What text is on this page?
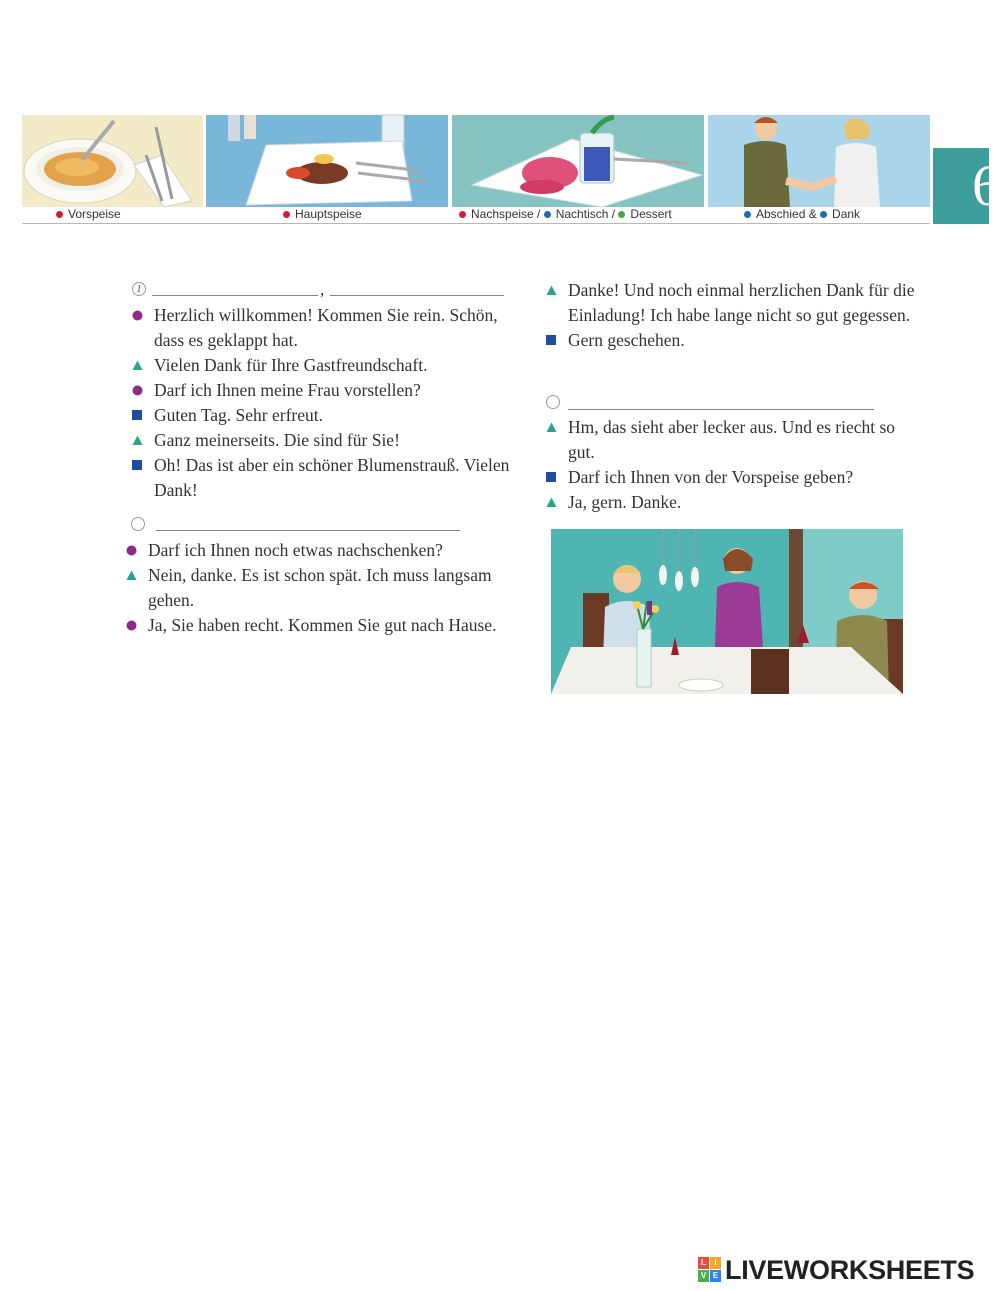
Vorspeise	Hauptspeise	Nachspeise / Nachtisch / Dessert	Abschied & Dank	6
1	,
Herzlich willkommen! Kommen Sie rein. Schön, dass es geklappt hat.
Vielen Dank für Ihre Gastfreundschaft.
Darf ich Ihnen meine Frau vorstellen?
Guten Tag. Sehr erfreut.
Ganz meinerseits. Die sind für Sie!
Oh! Das ist aber ein schöner Blumenstrauß. Vielen Dank!
Darf ich Ihnen noch etwas nachschenken?
Nein, danke. Es ist schon spät. Ich muss langsam gehen.
Ja, Sie haben recht. Kommen Sie gut nach Hause.
Danke! Und noch einmal herzlichen Dank für die Einladung! Ich habe lange nicht so gut gegessen.
Gern geschehen.
Hm, das sieht aber lecker aus. Und es riecht so gut.
Darf ich Ihnen von der Vorspeise geben?
Ja, gern. Danke.
L	I
V E LIVEWORKSHEETS
